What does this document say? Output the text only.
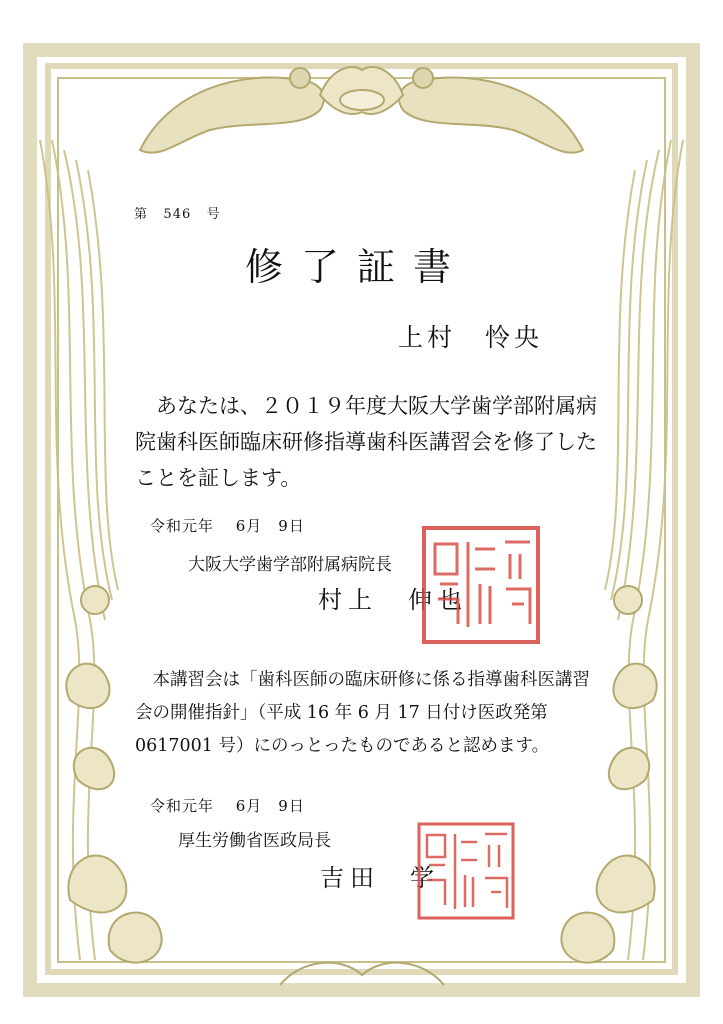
第 546 号
修了証書
上村　怜央
　あなたは、２０１９年度大阪大学歯学部附属病院歯科医師臨床研修指導歯科医講習会を修了したことを証します。
令和元年　 6月　9日
大阪大学歯学部附属病院長
村上　伸也
　本講習会は「歯科医師の臨床研修に係る指導歯科医講習会の開催指針」（平成 16 年 6 月 17 日付け医政発第 0617001 号）にのっとったものであると認めます。
令和元年　 6月　9日
厚生労働省医政局長
吉田　学
